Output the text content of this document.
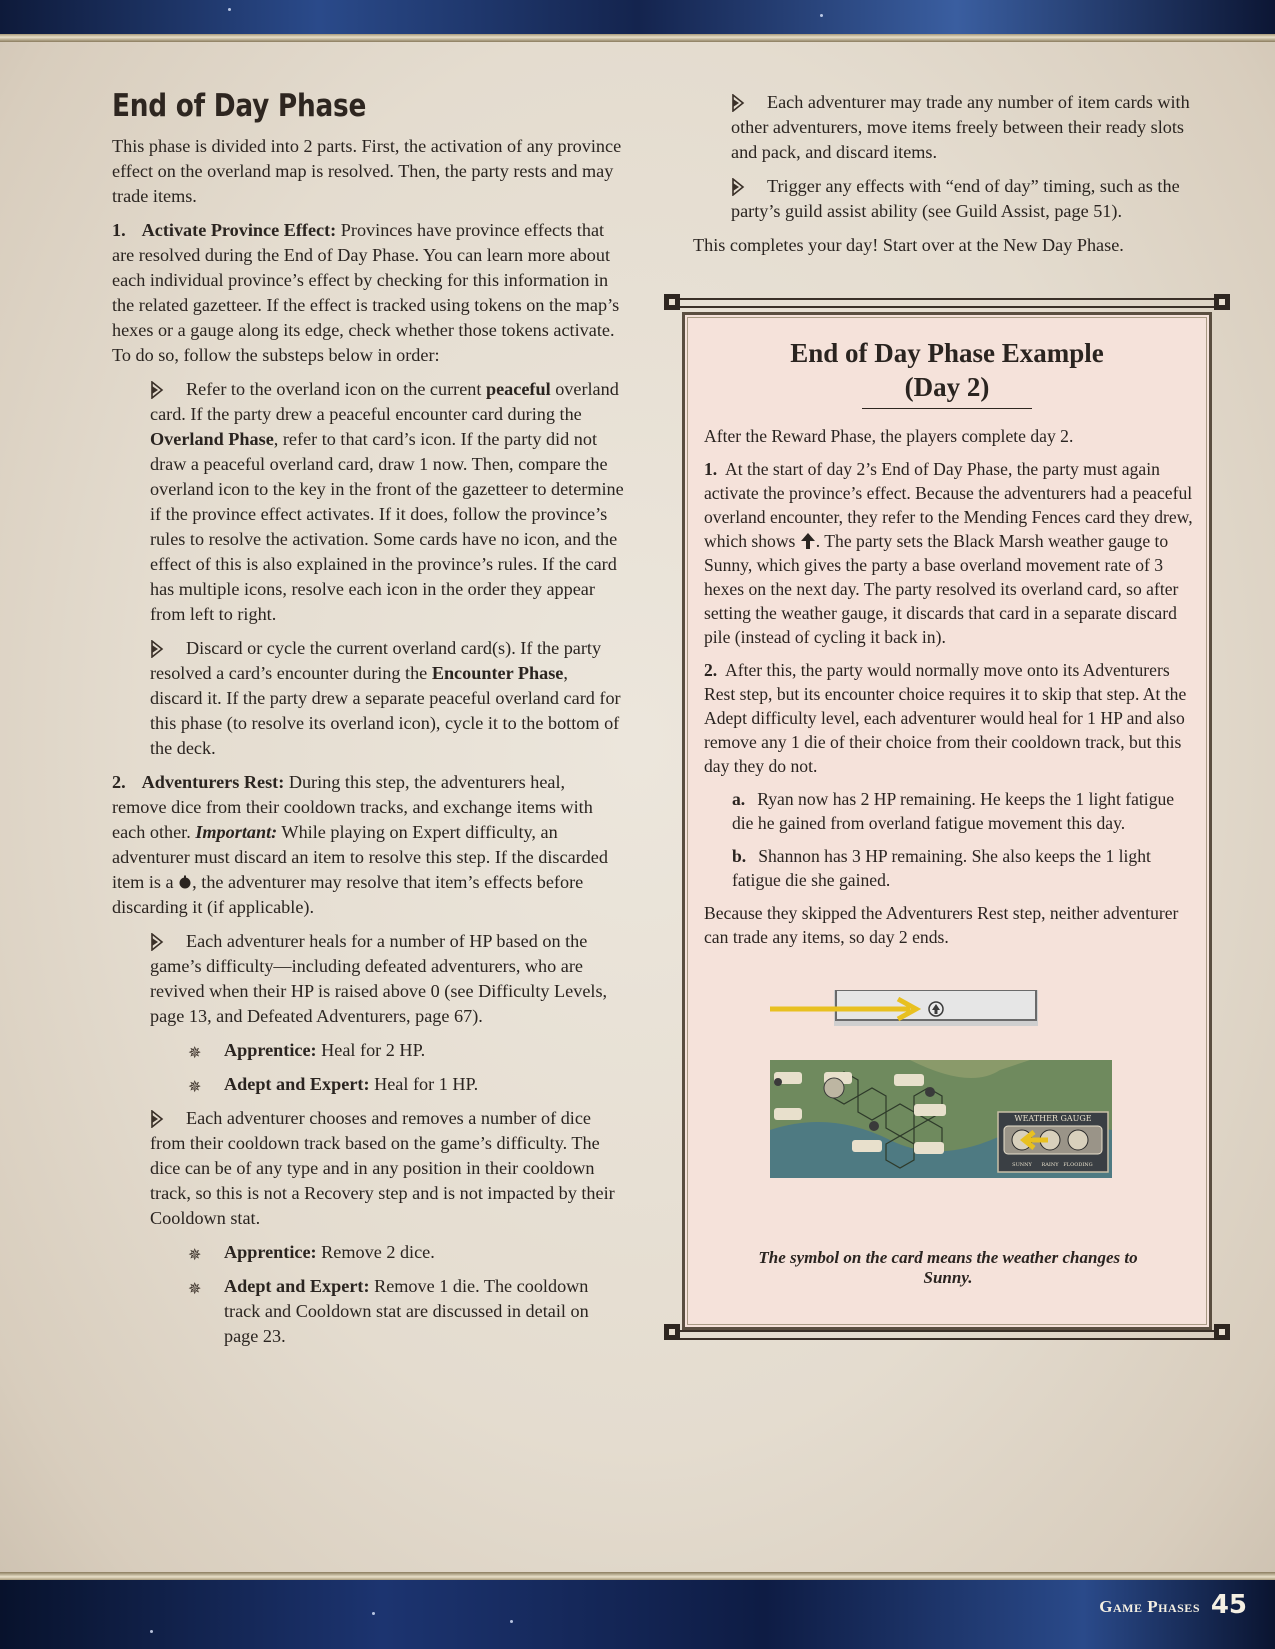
Game Phases 45
End of Day Phase

This phase is divided into 2 parts. First, the activation of any province effect on the overland map is resolved. Then, the party rests and may trade items.

1. Activate Province Effect: Provinces have province effects that are resolved during the End of Day Phase. You can learn more about each individual province’s effect by checking for this information in the related gazetteer. If the effect is tracked using tokens on the map’s hexes or a gauge along its edge, check whether those tokens activate. To do so, follow the substeps below in order:

Refer to the overland icon on the current peaceful overland card. If the party drew a peaceful encounter card during the Overland Phase, refer to that card’s icon. If the party did not draw a peaceful overland card, draw 1 now. Then, compare the overland icon to the key in the front of the gazetteer to determine if the province effect activates. If it does, follow the province’s rules to resolve the activation. Some cards have no icon, and the effect of this is also explained in the province’s rules. If the card has multiple icons, resolve each icon in the order they appear from left to right.

Discard or cycle the current overland card(s). If the party resolved a card’s encounter during the Encounter Phase, discard it. If the party drew a separate peaceful overland card for this phase (to resolve its overland icon), cycle it to the bottom of the deck.

2. Adventurers Rest: During this step, the adventurers heal, remove dice from their cooldown tracks, and exchange items with each other. Important: While playing on Expert difficulty, an adventurer must discard an item to resolve this step. If the discarded item is a , the adventurer may resolve that item’s effects before discarding it (if applicable).

Each adventurer heals for a number of HP based on the game’s difficulty—including defeated adventurers, who are revived when their HP is raised above 0 (see Difficulty Levels, page 13, and Defeated Adventurers, page 67).

✵ Apprentice: Heal for 2 HP.

✵ Adept and Expert: Heal for 1 HP.

Each adventurer chooses and removes a number of dice from their cooldown track based on the game’s difficulty. The dice can be of any type and in any position in their cooldown track, so this is not a Recovery step and is not impacted by their Cooldown stat.

✵ Apprentice: Remove 2 dice.

✵ Adept and Expert: Remove 1 die. The cooldown track and Cooldown stat are discussed in detail on page 23.

Each adventurer may trade any number of item cards with other adventurers, move items freely between their ready slots and pack, and discard items.

Trigger any effects with “end of day” timing, such as the party’s guild assist ability (see Guild Assist, page 51).

This completes your day! Start over at the New Day Phase.

End of Day Phase Example
(Day 2)

After the Reward Phase, the players complete day 2.

1. At the start of day 2’s End of Day Phase, the party must again activate the province’s effect. Because the adventurers had a peaceful overland encounter, they refer to the Mending Fences card they drew, which shows . The party sets the Black Marsh weather gauge to Sunny, which gives the party a base overland movement rate of 3 hexes on the next day. The party resolved its overland card, so after setting the weather gauge, it discards that card in a separate discard pile (instead of cycling it back in).

2. After this, the party would normally move onto its Adventurers Rest step, but its encounter choice requires it to skip that step. At the Adept difficulty level, each adventurer would heal for 1 HP and also remove any 1 die of their choice from their cooldown track, but this day they do not.

a. Ryan now has 2 HP remaining. He keeps the 1 light fatigue die he gained from overland fatigue movement this day.

b. Shannon has 3 HP remaining. She also keeps the 1 light fatigue die she gained.

Because they skipped the Adventurers Rest step, neither adventurer can trade any items, so day 2 ends.

WEATHER GAUGE
SUNNY RAINY FLOODING
The symbol on the card means the weather changes to Sunny.
